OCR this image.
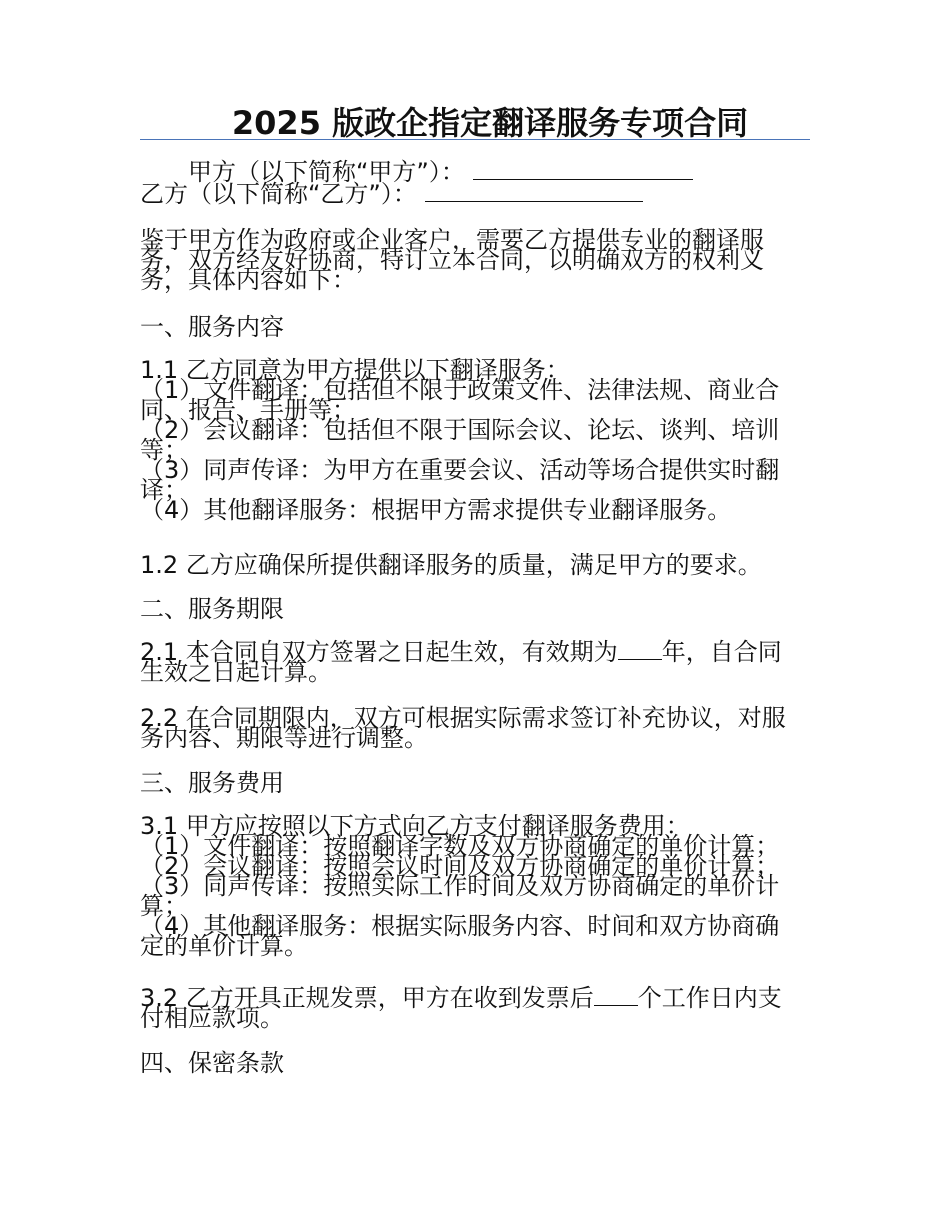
2025 版政企指定翻译服务专项合同
甲方（以下简称“甲方”）：
乙方（以下简称“乙方”）：
鉴于甲方作为政府或企业客户，需要乙方提供专业的翻译服
务，双方经友好协商，特订立本合同，以明确双方的权利义
务，具体内容如下：
一、服务内容
1.1 乙方同意为甲方提供以下翻译服务：
（1）文件翻译：包括但不限于政策文件、法律法规、商业合
同、报告、手册等；
（2）会议翻译：包括但不限于国际会议、论坛、谈判、培训
等；
（3）同声传译：为甲方在重要会议、活动等场合提供实时翻
译；
（4）其他翻译服务：根据甲方需求提供专业翻译服务。
1.2 乙方应确保所提供翻译服务的质量，满足甲方的要求。
二、服务期限
2.1 本合同自双方签署之日起生效，有效期为 年，自合同
生效之日起计算。
2.2 在合同期限内，双方可根据实际需求签订补充协议，对服
务内容、期限等进行调整。
三、服务费用
3.1 甲方应按照以下方式向乙方支付翻译服务费用：
（1）文件翻译：按照翻译字数及双方协商确定的单价计算；
（2）会议翻译：按照会议时间及双方协商确定的单价计算；
（3）同声传译：按照实际工作时间及双方协商确定的单价计
算；
（4）其他翻译服务：根据实际服务内容、时间和双方协商确
定的单价计算。
3.2 乙方开具正规发票，甲方在收到发票后 个工作日内支
付相应款项。
四、保密条款
